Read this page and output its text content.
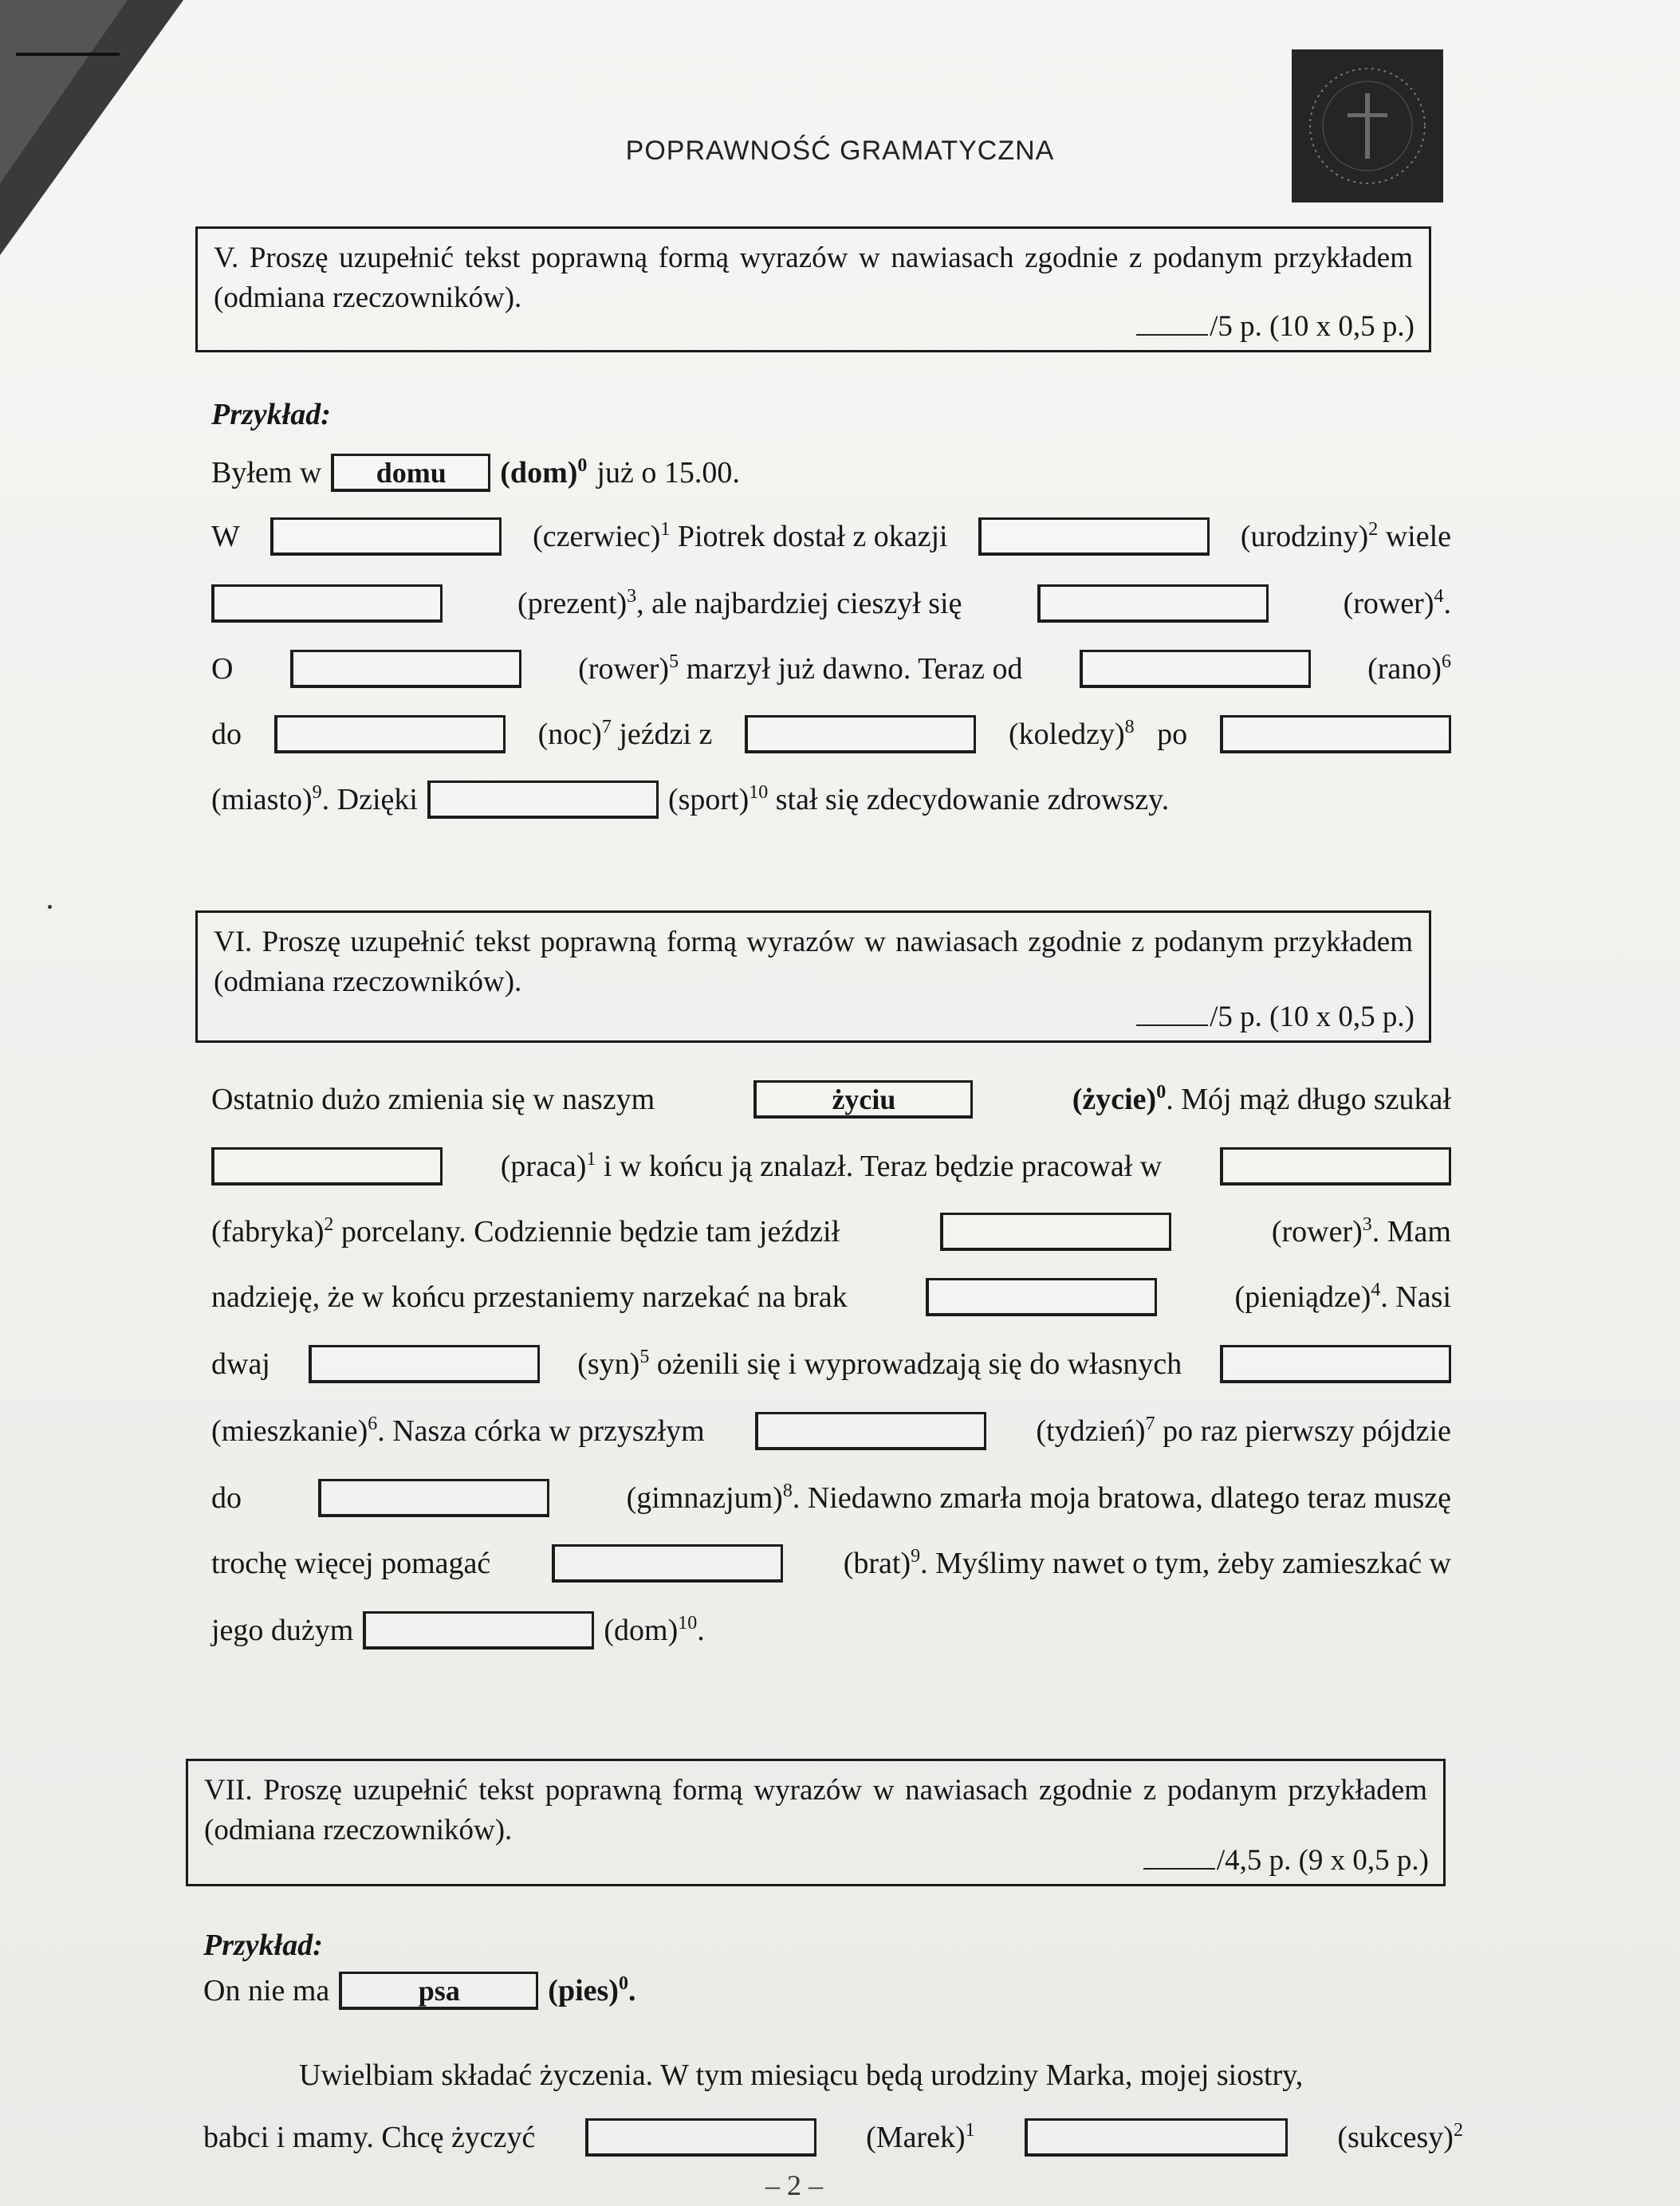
POPRAWNOŚĆ GRAMATYCZNA
V. Proszę uzupełnić tekst poprawną formą wyrazów w nawiasach zgodnie z podanym przykładem (odmiana rzeczowników).
/5 p. (10 x 0,5 p.)
Przykład:
Byłem w	domu	(dom)$^0$ już o 15.00.
W	(czerwiec)$^1$ Piotrek dostał z okazji	(urodziny)$^2$ wiele
(prezent)$^3$, ale najbardziej cieszył się	(rower)$^4$.
O	(rower)$^5$ marzył już dawno. Teraz od	(rano)$^6$
do	(noc)$^7$ jeździ z	(koledzy)$^8$ po
(miasto)$^9$. Dzięki	(sport)$^{10}$ stał się zdecydowanie zdrowszy.
VI. Proszę uzupełnić tekst poprawną formą wyrazów w nawiasach zgodnie z podanym przykładem (odmiana rzeczowników).
/5 p. (10 x 0,5 p.)
Ostatnio dużo zmienia się w naszym	życiu	(życie)$^0$. Mój mąż długo szukał
(praca)$^1$ i w końcu ją znalazł. Teraz będzie pracował w
(fabryka)$^2$ porcelany. Codziennie będzie tam jeździł	(rower)$^3$. Mam
nadzieję, że w końcu przestaniemy narzekać na brak	(pieniądze)$^4$. Nasi
dwaj	(syn)$^5$ ożenili się i wyprowadzają się do własnych
(mieszkanie)$^6$. Nasza córka w przyszłym	(tydzień)$^7$ po raz pierwszy pójdzie
do	(gimnazjum)$^8$. Niedawno zmarła moja bratowa, dlatego teraz muszę
trochę więcej pomagać	(brat)$^9$. Myślimy nawet o tym, żeby zamieszkać w
jego dużym	(dom)$^{10}$.
VII. Proszę uzupełnić tekst poprawną formą wyrazów w nawiasach zgodnie z podanym przykładem (odmiana rzeczowników).
/4,5 p. (9 x 0,5 p.)
Przykład:
On nie ma	psa	(pies)$^0$.
Uwielbiam składać życzenia. W tym miesiącu będą urodziny Marka, mojej siostry,
babci i mamy. Chcę życzyć	(Marek)$^1$	(sukcesy)$^2$
– 2 –
